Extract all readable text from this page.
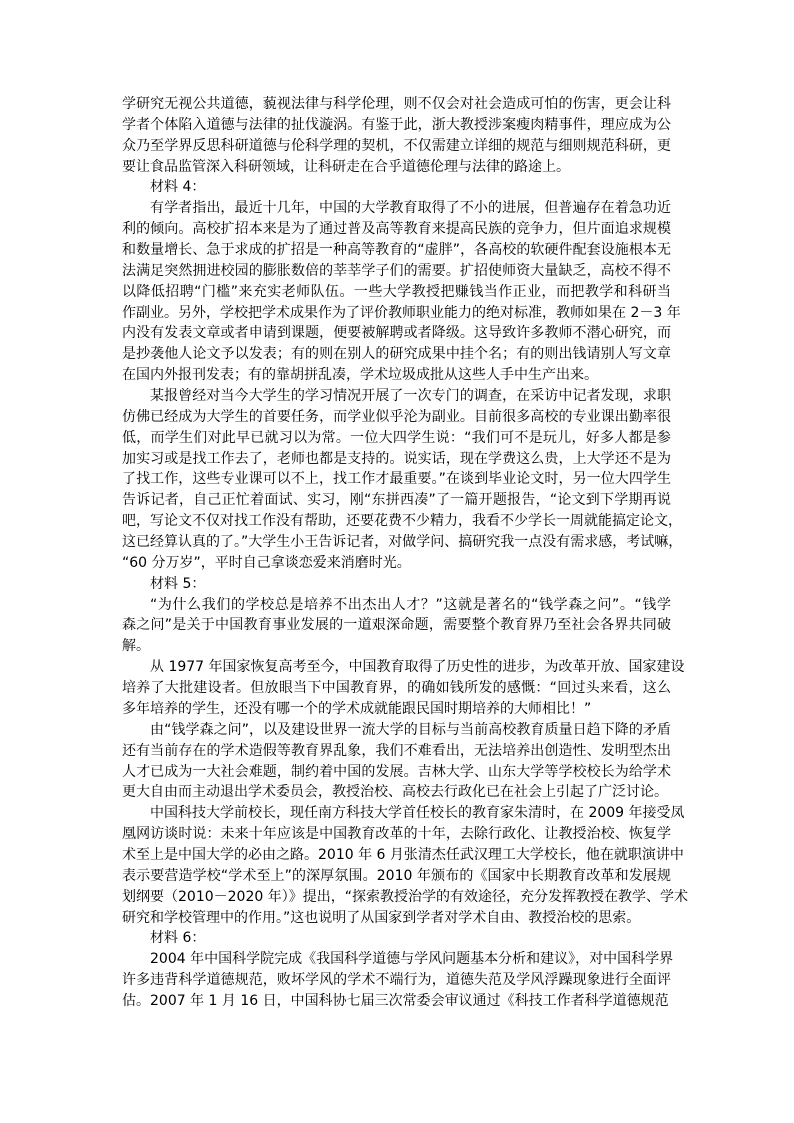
学研究无视公共道德，藐视法律与科学伦理，则不仅会对社会造成可怕的伤害，更会让科
学者个体陷入道德与法律的扯伐漩涡。有鉴于此，浙大教授涉案瘦肉精事件，理应成为公
众乃至学界反思科研道德与伦科学理的契机，不仅需建立详细的规范与细则规范科研，更
要让食品监管深入科研领域，让科研走在合乎道德伦理与法律的路途上。
材料 4：
有学者指出，最近十几年，中国的大学教育取得了不小的进展，但普遍存在着急功近
利的倾向。高校扩招本来是为了通过普及高等教育来提高民族的竞争力，但片面追求规模
和数量增长、急于求成的扩招是一种高等教育的“虚胖”，各高校的软硬件配套设施根本无
法满足突然拥进校园的膨胀数倍的莘莘学子们的需要。扩招使师资大量缺乏，高校不得不
以降低招聘“门槛”来充实老师队伍。一些大学教授把赚钱当作正业，而把教学和科研当
作副业。另外，学校把学术成果作为了评价教师职业能力的绝对标准，教师如果在 2－3 年
内没有发表文章或者申请到课题，便要被解聘或者降级。这导致许多教师不潜心研究，而
是抄袭他人论文予以发表；有的则在别人的研究成果中挂个名；有的则出钱请别人写文章
在国内外报刊发表；有的靠胡拼乱凑，学术垃圾成批从这些人手中生产出来。
某报曾经对当今大学生的学习情况开展了一次专门的调查，在采访中记者发现，求职
仿佛已经成为大学生的首要任务，而学业似乎沦为副业。目前很多高校的专业课出勤率很
低，而学生们对此早已就习以为常。一位大四学生说：“我们可不是玩儿，好多人都是参
加实习或是找工作去了，老师也都是支持的。说实话，现在学费这么贵，上大学还不是为
了找工作，这些专业课可以不上，找工作才最重要。”在谈到毕业论文时，另一位大四学生
告诉记者，自己正忙着面试、实习，刚“东拼西凑”了一篇开题报告，“论文到下学期再说
吧，写论文不仅对找工作没有帮助，还要花费不少精力，我看不少学长一周就能搞定论文，
这已经算认真的了。”大学生小王告诉记者，对做学问、搞研究我一点没有需求感，考试嘛，
“60 分万岁”，平时自己拿谈恋爱来消磨时光。
材料 5：
“为什么我们的学校总是培养不出杰出人才？”这就是著名的“钱学森之问”。“钱学
森之问”是关于中国教育事业发展的一道艰深命题，需要整个教育界乃至社会各界共同破
解。
从 1977 年国家恢复高考至今，中国教育取得了历史性的进步，为改革开放、国家建设
培养了大批建设者。但放眼当下中国教育界，的确如钱所发的感慨：“回过头来看，这么
多年培养的学生，还没有哪一个的学术成就能跟民国时期培养的大师相比！”
由“钱学森之问”，以及建设世界一流大学的目标与当前高校教育质量日趋下降的矛盾
还有当前存在的学术造假等教育界乱象，我们不难看出，无法培养出创造性、发明型杰出
人才已成为一大社会难题，制约着中国的发展。吉林大学、山东大学等学校校长为给学术
更大自由而主动退出学术委员会，教授治校、高校去行政化已在社会上引起了广泛讨论。
中国科技大学前校长，现任南方科技大学首任校长的教育家朱清时，在 2009 年接受凤
凰网访谈时说：未来十年应该是中国教育改革的十年，去除行政化、让教授治校、恢复学
术至上是中国大学的必由之路。2010 年 6 月张清杰任武汉理工大学校长，他在就职演讲中
表示要营造学校“学术至上”的深厚氛围。2010 年颁布的《国家中长期教育改革和发展规
划纲要（2010－2020 年）》提出，“探索教授治学的有效途径，充分发挥教授在教学、学术
研究和学校管理中的作用。”这也说明了从国家到学者对学术自由、教授治校的思索。
材料 6：
2004 年中国科学院完成《我国科学道德与学风问题基本分析和建议》，对中国科学界
许多违背科学道德规范，败坏学风的学术不端行为，道德失范及学风浮躁现象进行全面评
估。2007 年 1 月 16 日，中国科协七届三次常委会审议通过《科技工作者科学道德规范
